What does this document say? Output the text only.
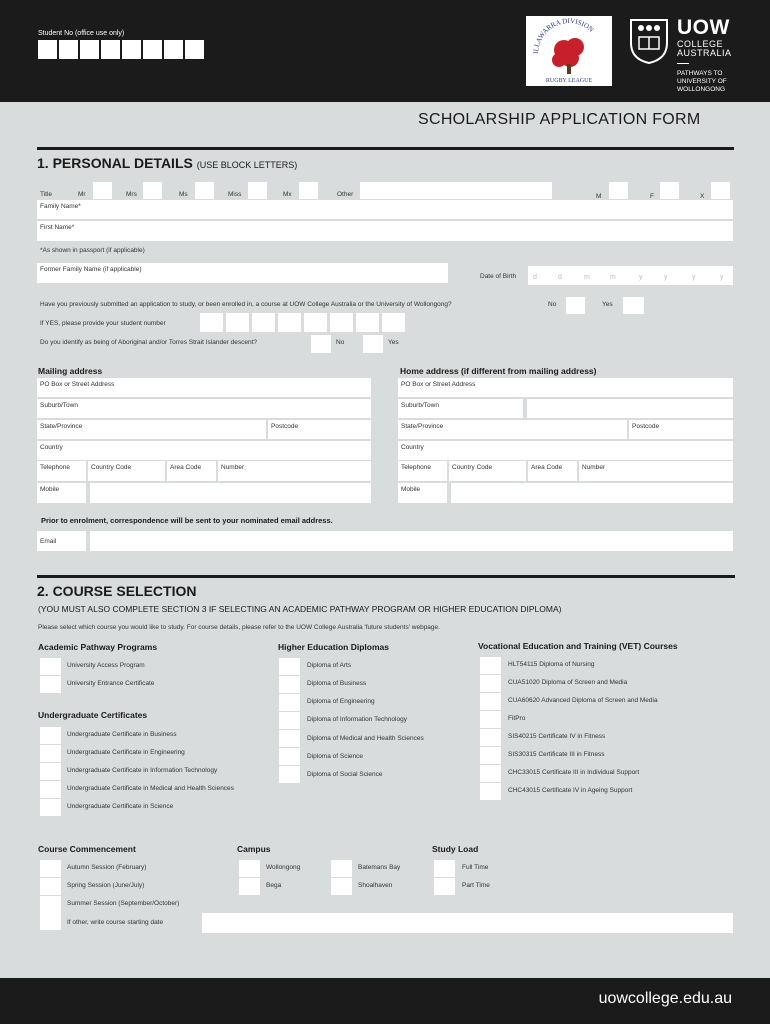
Student No (office use only)
ILLAWARRA DIVISION
RUGBY LEAGUE
UOW
COLLEGE
AUSTRALIA
PATHWAYS TO UNIVERSITY OF WOLLONGONG
SCHOLARSHIP APPLICATION FORM
1. PERSONAL DETAILS (USE BLOCK LETTERS)
Title	Mr	Mrs	Ms	Miss	Mx	Other	M	F	X
Family Name*
First Name*
*As shown in passport (if applicable)
Former Family Name (if applicable)
Date of Birth d	d	m	m	y	y	y	y
Have you previously submitted an application to study, or been enrolled in, a course at UOW College Australia or the University of Wollongong?	No	Yes
If YES, please provide your student number
Do you identify as being of Aboriginal and/or Torres Strait Islander descent?	No	Yes
Mailing address	Home address (if different from mailing address)
PO Box or Street Address
Suburb/Town
State/Province	Postcode
Country
Telephone	Country Code	Area Code	Number
Mobile
PO Box or Street Address
Suburb/Town
State/Province	Postcode
Country
Telephone	Country Code	Area Code	Number
Mobile
Prior to enrolment, correspondence will be sent to your nominated email address.
Email
2. COURSE SELECTION
(YOU MUST ALSO COMPLETE SECTION 3 IF SELECTING AN ACADEMIC PATHWAY PROGRAM OR HIGHER EDUCATION DIPLOMA)
Please select which course you would like to study. For course details, please refer to the UOW College Australia 'future students' webpage.
Academic Pathway Programs	Higher Education Diplomas	Vocational Education and Training (VET) Courses
University Access Program
University Entrance Certificate
Undergraduate Certificates
Undergraduate Certificate in Business
Undergraduate Certificate in Engineering
Undergraduate Certificate in Information Technology
Undergraduate Certificate in Medical and Health Sciences
Undergraduate Certificate in Science
Diploma of Arts
Diploma of Business
Diploma of Engineering
Diploma of Information Technology
Diploma of Medical and Health Sciences
Diploma of Science
Diploma of Social Science
HLT54115 Diploma of Nursing
CUA51020 Diploma of Screen and Media
CUA60620 Advanced Diploma of Screen and Media
FitPro
SIS40215 Certificate IV in Fitness
SIS30315 Certificate III in Fitness
CHC33015 Certificate III in Individual Support
CHC43015 Certificate IV in Ageing Support
Course Commencement	Campus	Study Load
Autumn Session (February)
Spring Session (June/July)
Summer Session (September/October)
If other, write course starting date
Wollongong	Batemans Bay
Bega	Shoalhaven
Full Time
Part Time
uowcollege.edu.au
